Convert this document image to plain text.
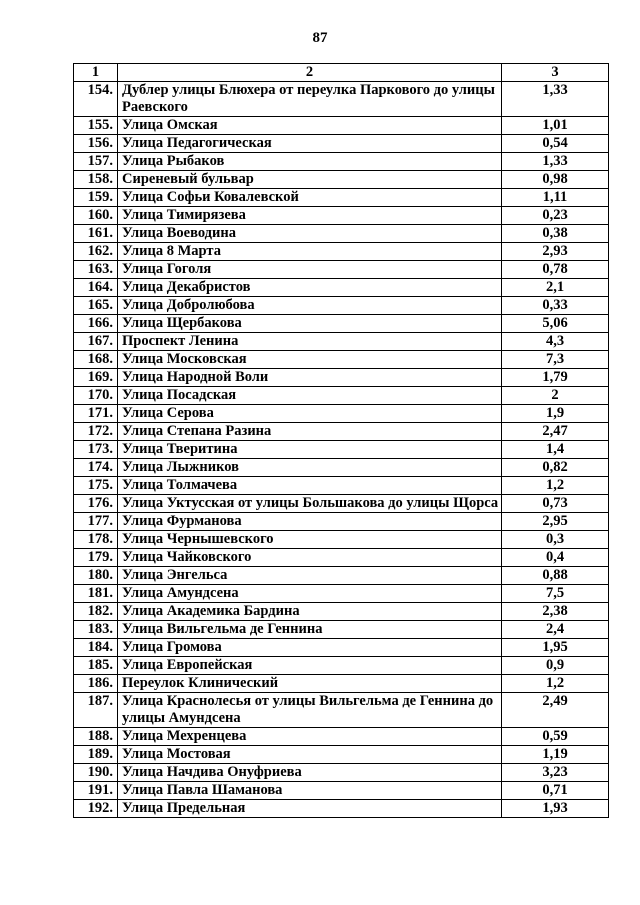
87
1	2	3
154.	Дублер улицы Блюхера от переулка Паркового до улицы Раевского	1,33
155.	Улица Омская	1,01
156.	Улица Педагогическая	0,54
157.	Улица Рыбаков	1,33
158.	Сиреневый бульвар	0,98
159.	Улица Софьи Ковалевской	1,11
160.	Улица Тимирязева	0,23
161.	Улица Воеводина	0,38
162.	Улица 8 Марта	2,93
163.	Улица Гоголя	0,78
164.	Улица Декабристов	2,1
165.	Улица Добролюбова	0,33
166.	Улица Щербакова	5,06
167.	Проспект Ленина	4,3
168.	Улица Московская	7,3
169.	Улица Народной Воли	1,79
170.	Улица Посадская	2
171.	Улица Серова	1,9
172.	Улица Степана Разина	2,47
173.	Улица Тверитина	1,4
174.	Улица Лыжников	0,82
175.	Улица Толмачева	1,2
176.	Улица Уктусская от улицы Большакова до улицы Щорса	0,73
177.	Улица Фурманова	2,95
178.	Улица Чернышевского	0,3
179.	Улица Чайковского	0,4
180.	Улица Энгельса	0,88
181.	Улица Амундсена	7,5
182.	Улица Академика Бардина	2,38
183.	Улица Вильгельма де Геннина	2,4
184.	Улица Громова	1,95
185.	Улица Европейская	0,9
186.	Переулок Клинический	1,2
187.	Улица Краснолесья от улицы Вильгельма де Геннина до улицы Амундсена	2,49
188.	Улица Мехренцева	0,59
189.	Улица Мостовая	1,19
190.	Улица Начдива Онуфриева	3,23
191.	Улица Павла Шаманова	0,71
192.	Улица Предельная	1,93
